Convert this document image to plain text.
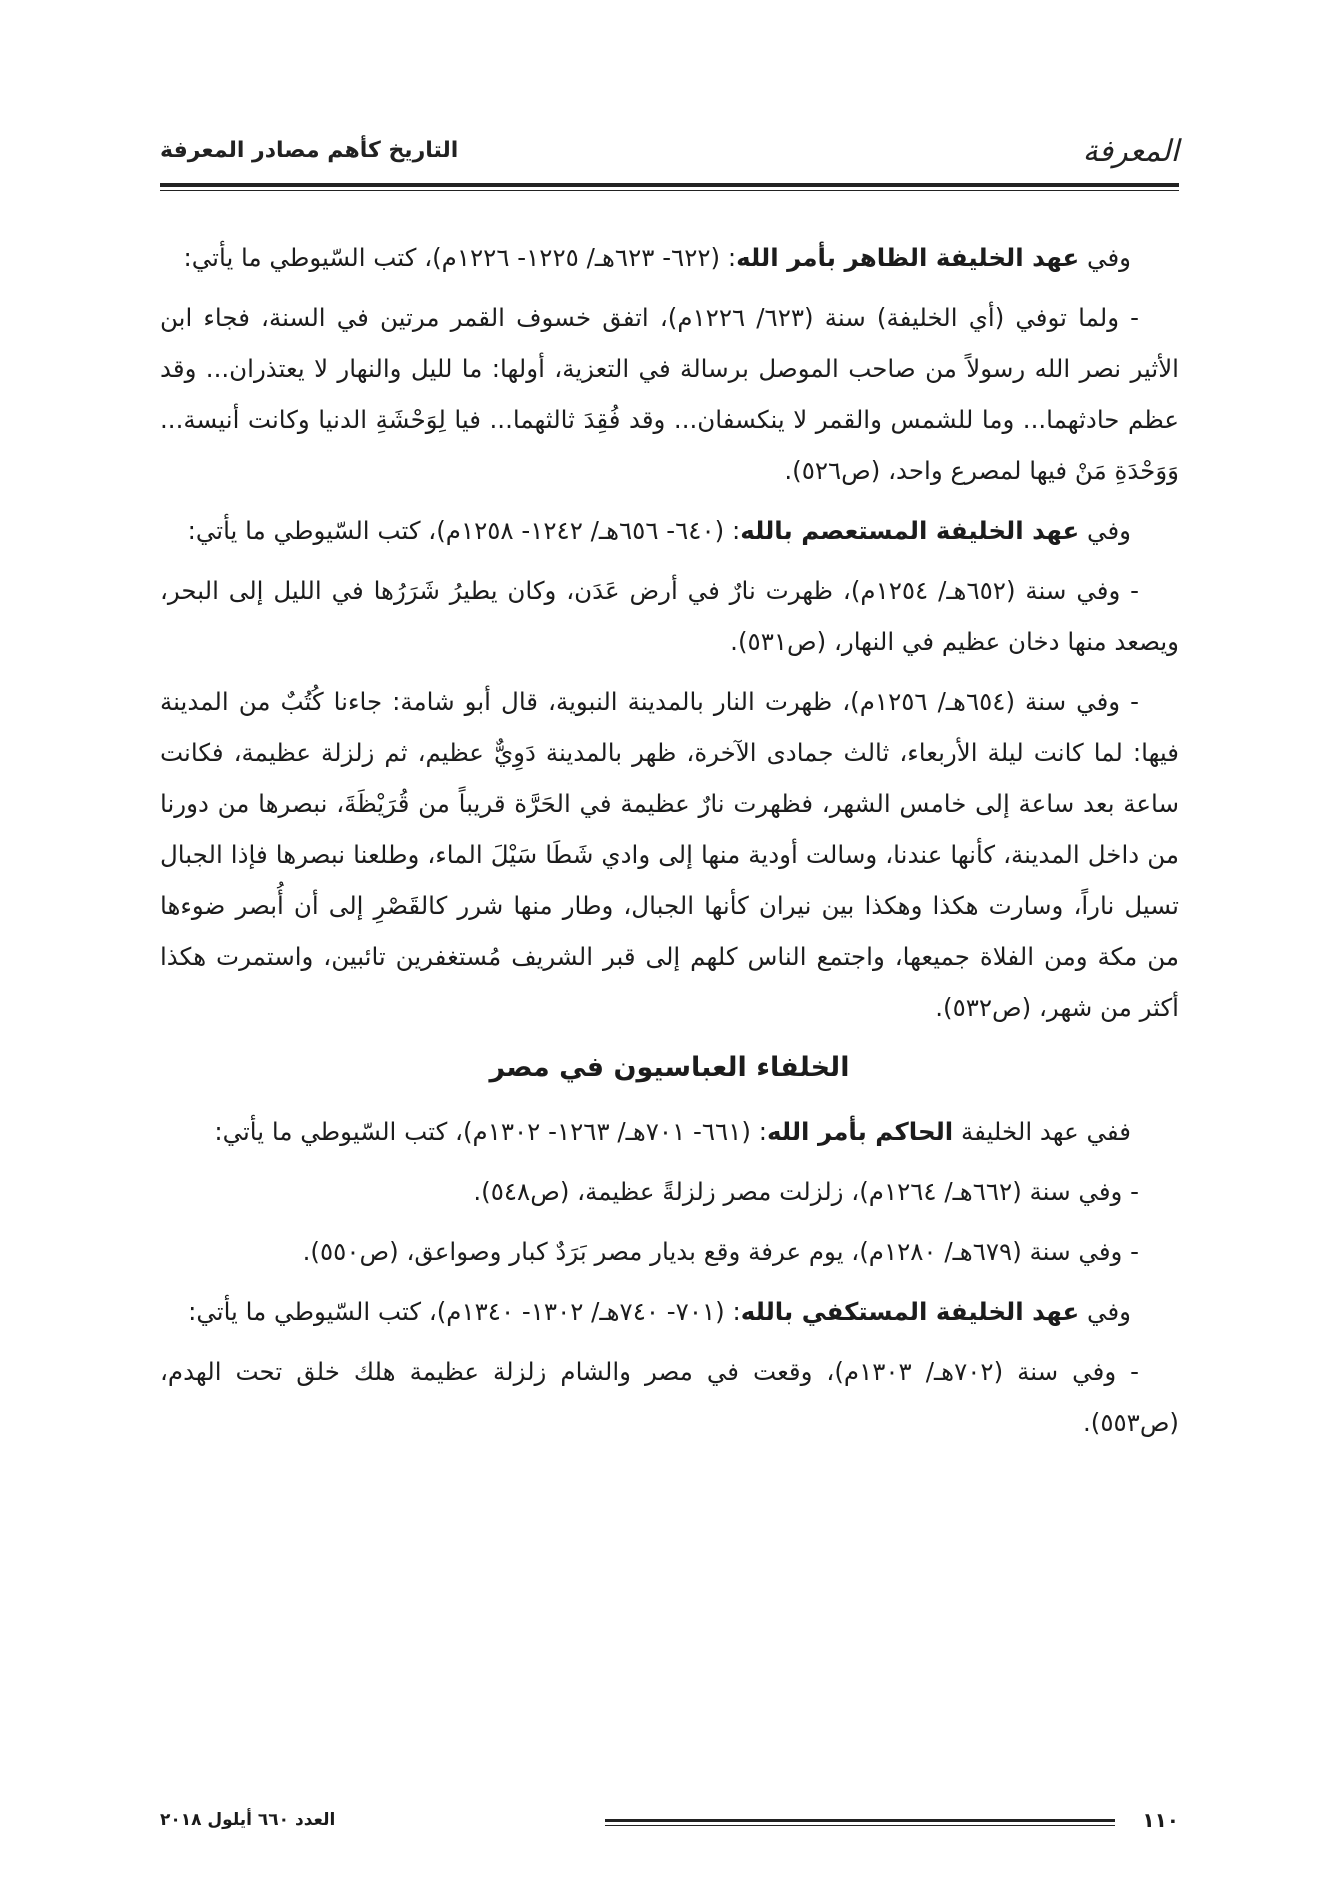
المعرفة
التاريخ كأهم مصادر المعرفة

وفي عهد الخليفة الظاهر بأمر الله: (٦٢٢- ٦٢٣هـ/ ١٢٢٥- ١٢٢٦م)، كتب السّيوطي ما يأتي:

- ولما توفي (أي الخليفة) سنة (٦٢٣/ ١٢٢٦م)، اتفق خسوف القمر مرتين في السنة، فجاء ابن الأثير نصر الله رسولاً من صاحب الموصل برسالة في التعزية، أولها: ما لليل والنهار لا يعتذران... وقد عظم حادثهما... وما للشمس والقمر لا ينكسفان... وقد فُقِدَ ثالثهما... فيا لِوَحْشَةِ الدنيا وكانت أنيسة... وَوَحْدَةِ مَنْ فيها لمصرع واحد، (ص٥٢٦).

وفي عهد الخليفة المستعصم بالله: (٦٤٠- ٦٥٦هـ/ ١٢٤٢- ١٢٥٨م)، كتب السّيوطي ما يأتي:

- وفي سنة (٦٥٢هـ/ ١٢٥٤م)، ظهرت نارٌ في أرض عَدَن، وكان يطيرُ شَرَرُها في الليل إلى البحر، ويصعد منها دخان عظيم في النهار، (ص٥٣١).

- وفي سنة (٦٥٤هـ/ ١٢٥٦م)، ظهرت النار بالمدينة النبوية، قال أبو شامة: جاءنا كُتُبٌ من المدينة فيها: لما كانت ليلة الأربعاء، ثالث جمادى الآخرة، ظهر بالمدينة دَوِيٌّ عظيم، ثم زلزلة عظيمة، فكانت ساعة بعد ساعة إلى خامس الشهر، فظهرت نارٌ عظيمة في الحَرَّة قريباً من قُرَيْظَةَ، نبصرها من دورنا من داخل المدينة، كأنها عندنا، وسالت أودية منها إلى وادي شَطَا سَيْلَ الماء، وطلعنا نبصرها فإذا الجبال تسيل ناراً، وسارت هكذا وهكذا بين نيران كأنها الجبال، وطار منها شرر كالقَصْرِ إلى أن أُبصر ضوءها من مكة ومن الفلاة جميعها، واجتمع الناس كلهم إلى قبر الشريف مُستغفرين تائبين، واستمرت هكذا أكثر من شهر، (ص٥٣٢).

الخلفاء العباسيون في مصر

ففي عهد الخليفة الحاكم بأمر الله: (٦٦١- ٧٠١هـ/ ١٢٦٣- ١٣٠٢م)، كتب السّيوطي ما يأتي:

- وفي سنة (٦٦٢هـ/ ١٢٦٤م)، زلزلت مصر زلزلةً عظيمة، (ص٥٤٨).

- وفي سنة (٦٧٩هـ/ ١٢٨٠م)، يوم عرفة وقع بديار مصر بَرَدٌ كبار وصواعق، (ص٥٥٠).

وفي عهد الخليفة المستكفي بالله: (٧٠١- ٧٤٠هـ/ ١٣٠٢- ١٣٤٠م)، كتب السّيوطي ما يأتي:

- وفي سنة (٧٠٢هـ/ ١٣٠٣م)، وقعت في مصر والشام زلزلة عظيمة هلك خلق تحت الهدم، (ص٥٥٣).

١١٠
العدد ٦٦٠ أيلول ٢٠١٨
